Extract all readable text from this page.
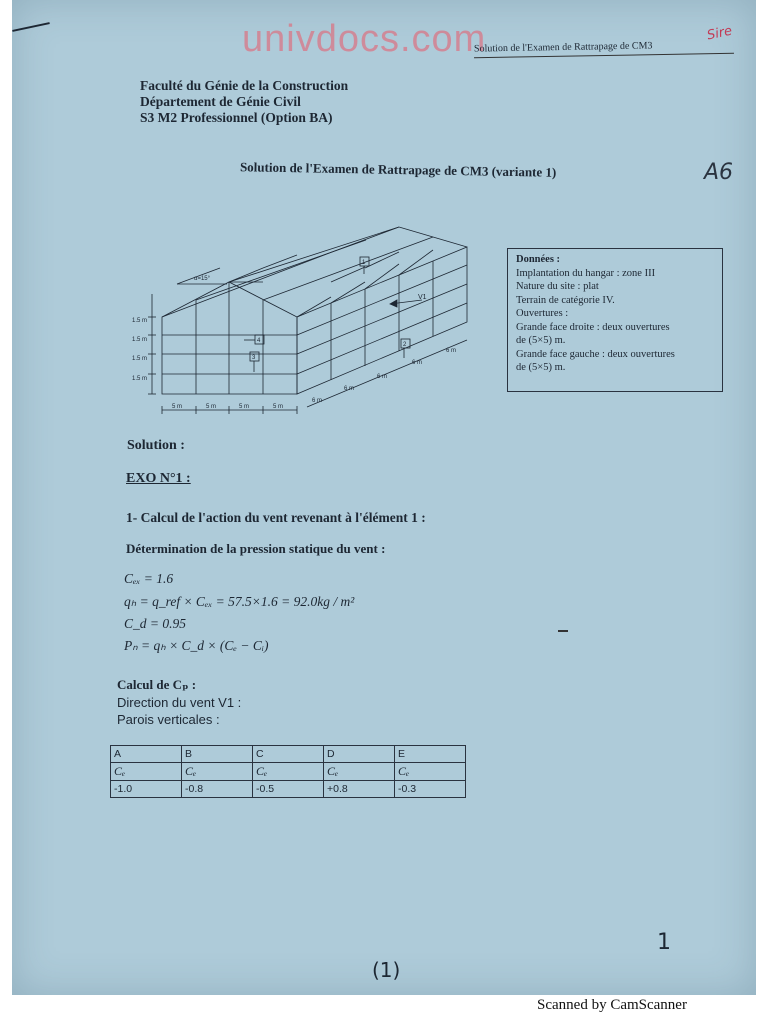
univdocs.com
Solution de l'Examen de Rattrapage de CM3
Sire
Faculté du Génie de la Construction
Département de Génie Civil
S3 M2 Professionnel (Option BA)
Solution de l'Examen de Rattrapage de CM3 (variante 1)	A6
α=15°
V1
1
2
3
4
1.5 m
1.5 m
1.5 m
1.5 m
5 m	5 m	5 m	5 m
6 m
6 m
6 m
6 m
6 m
Données :
Implantation du hangar : zone III
Nature du site : plat
Terrain de catégorie IV.
Ouvertures :
Grande face droite : deux ouvertures
de (5×5) m.
Grande face gauche : deux ouvertures
de (5×5) m.
Solution :
EXO N°1 :
1- Calcul de l'action du vent revenant à l'élément 1 :
Détermination de la pression statique du vent :
Cₑₓ = 1.6
qₕ = q_ref × Cₑₓ = 57.5×1.6 = 92.0kg / m²
C_d = 0.95
Pₙ = qₕ × C_d × (Cₑ − Cᵢ)
Calcul de Cₚ :
Direction du vent V1 :
Parois verticales :
A	B	C	D	E
Cₑ	Cₑ	Cₑ	Cₑ	Cₑ
-1.0	-0.8	-0.5	+0.8	-0.3
1
(1)
Scanned by CamScanner
